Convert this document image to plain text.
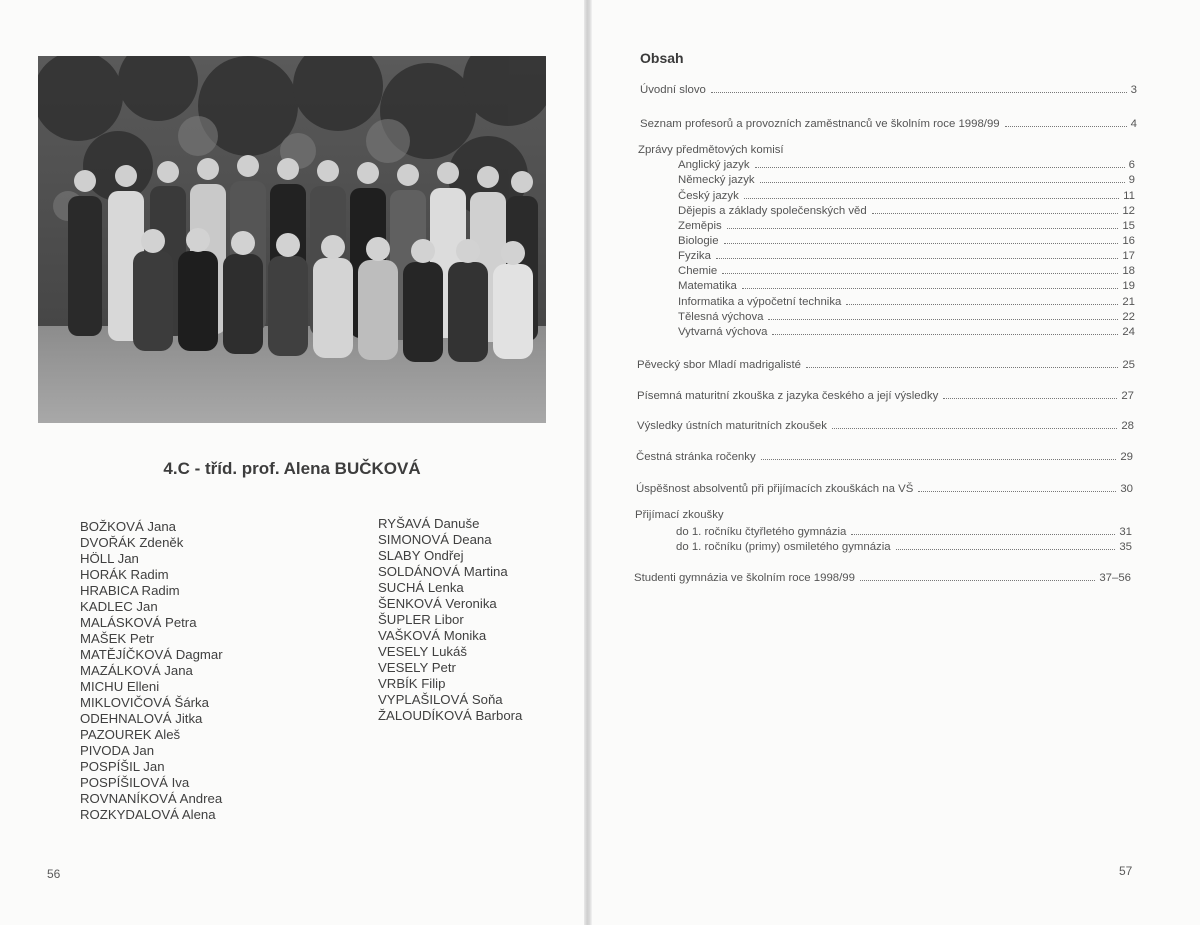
4.C - tříd. prof. Alena BUČKOVÁ
BOŽKOVÁ Jana
DVOŘÁK Zdeněk
HÖLL Jan
HORÁK Radim
HRABICA Radim
KADLEC Jan
MALÁSKOVÁ Petra
MAŠEK Petr
MATĚJÍČKOVÁ Dagmar
MAZÁLKOVÁ Jana
MICHU Elleni
MIKLOVIČOVÁ Šárka
ODEHNALOVÁ Jitka
PAZOUREK Aleš
PIVODA Jan
POSPÍŠIL Jan
POSPÍŠILOVÁ Iva
ROVNANÍKOVÁ Andrea
ROZKYDALOVÁ Alena
RYŠAVÁ Danuše
SIMONOVÁ Deana
SLABY Ondřej
SOLDÁNOVÁ Martina
SUCHÁ Lenka
ŠENKOVÁ Veronika
ŠUPLER Libor
VAŠKOVÁ Monika
VESELY Lukáš
VESELY Petr
VRBÍK Filip
VYPLAŠILOVÁ Soňa
ŽALOUDÍKOVÁ Barbora
56
Obsah
Úvodní slovo	3
Seznam profesorů a provozních zaměstnanců ve školním roce 1998/99	4
Zprávy předmětových komisí
Anglický jazyk	6
Německý jazyk	9
Český jazyk	11
Dějepis a základy společenských věd	12
Zeměpis	15
Biologie	16
Fyzika	17
Chemie	18
Matematika	19
Informatika a výpočetní technika	21
Tělesná výchova	22
Vytvarná výchova	24
Pěvecký sbor Mladí madrigalisté	25
Písemná maturitní zkouška z jazyka českého a její výsledky	27
Výsledky ústních maturitních zkoušek	28
Čestná stránka ročenky	29
Úspěšnost absolventů při přijímacích zkouškách na VŠ	30
Přijímací zkoušky
do 1. ročníku čtyřletého gymnázia	31
do 1. ročníku (primy) osmiletého gymnázia	35
Studenti gymnázia ve školním roce 1998/99	37–56
57
